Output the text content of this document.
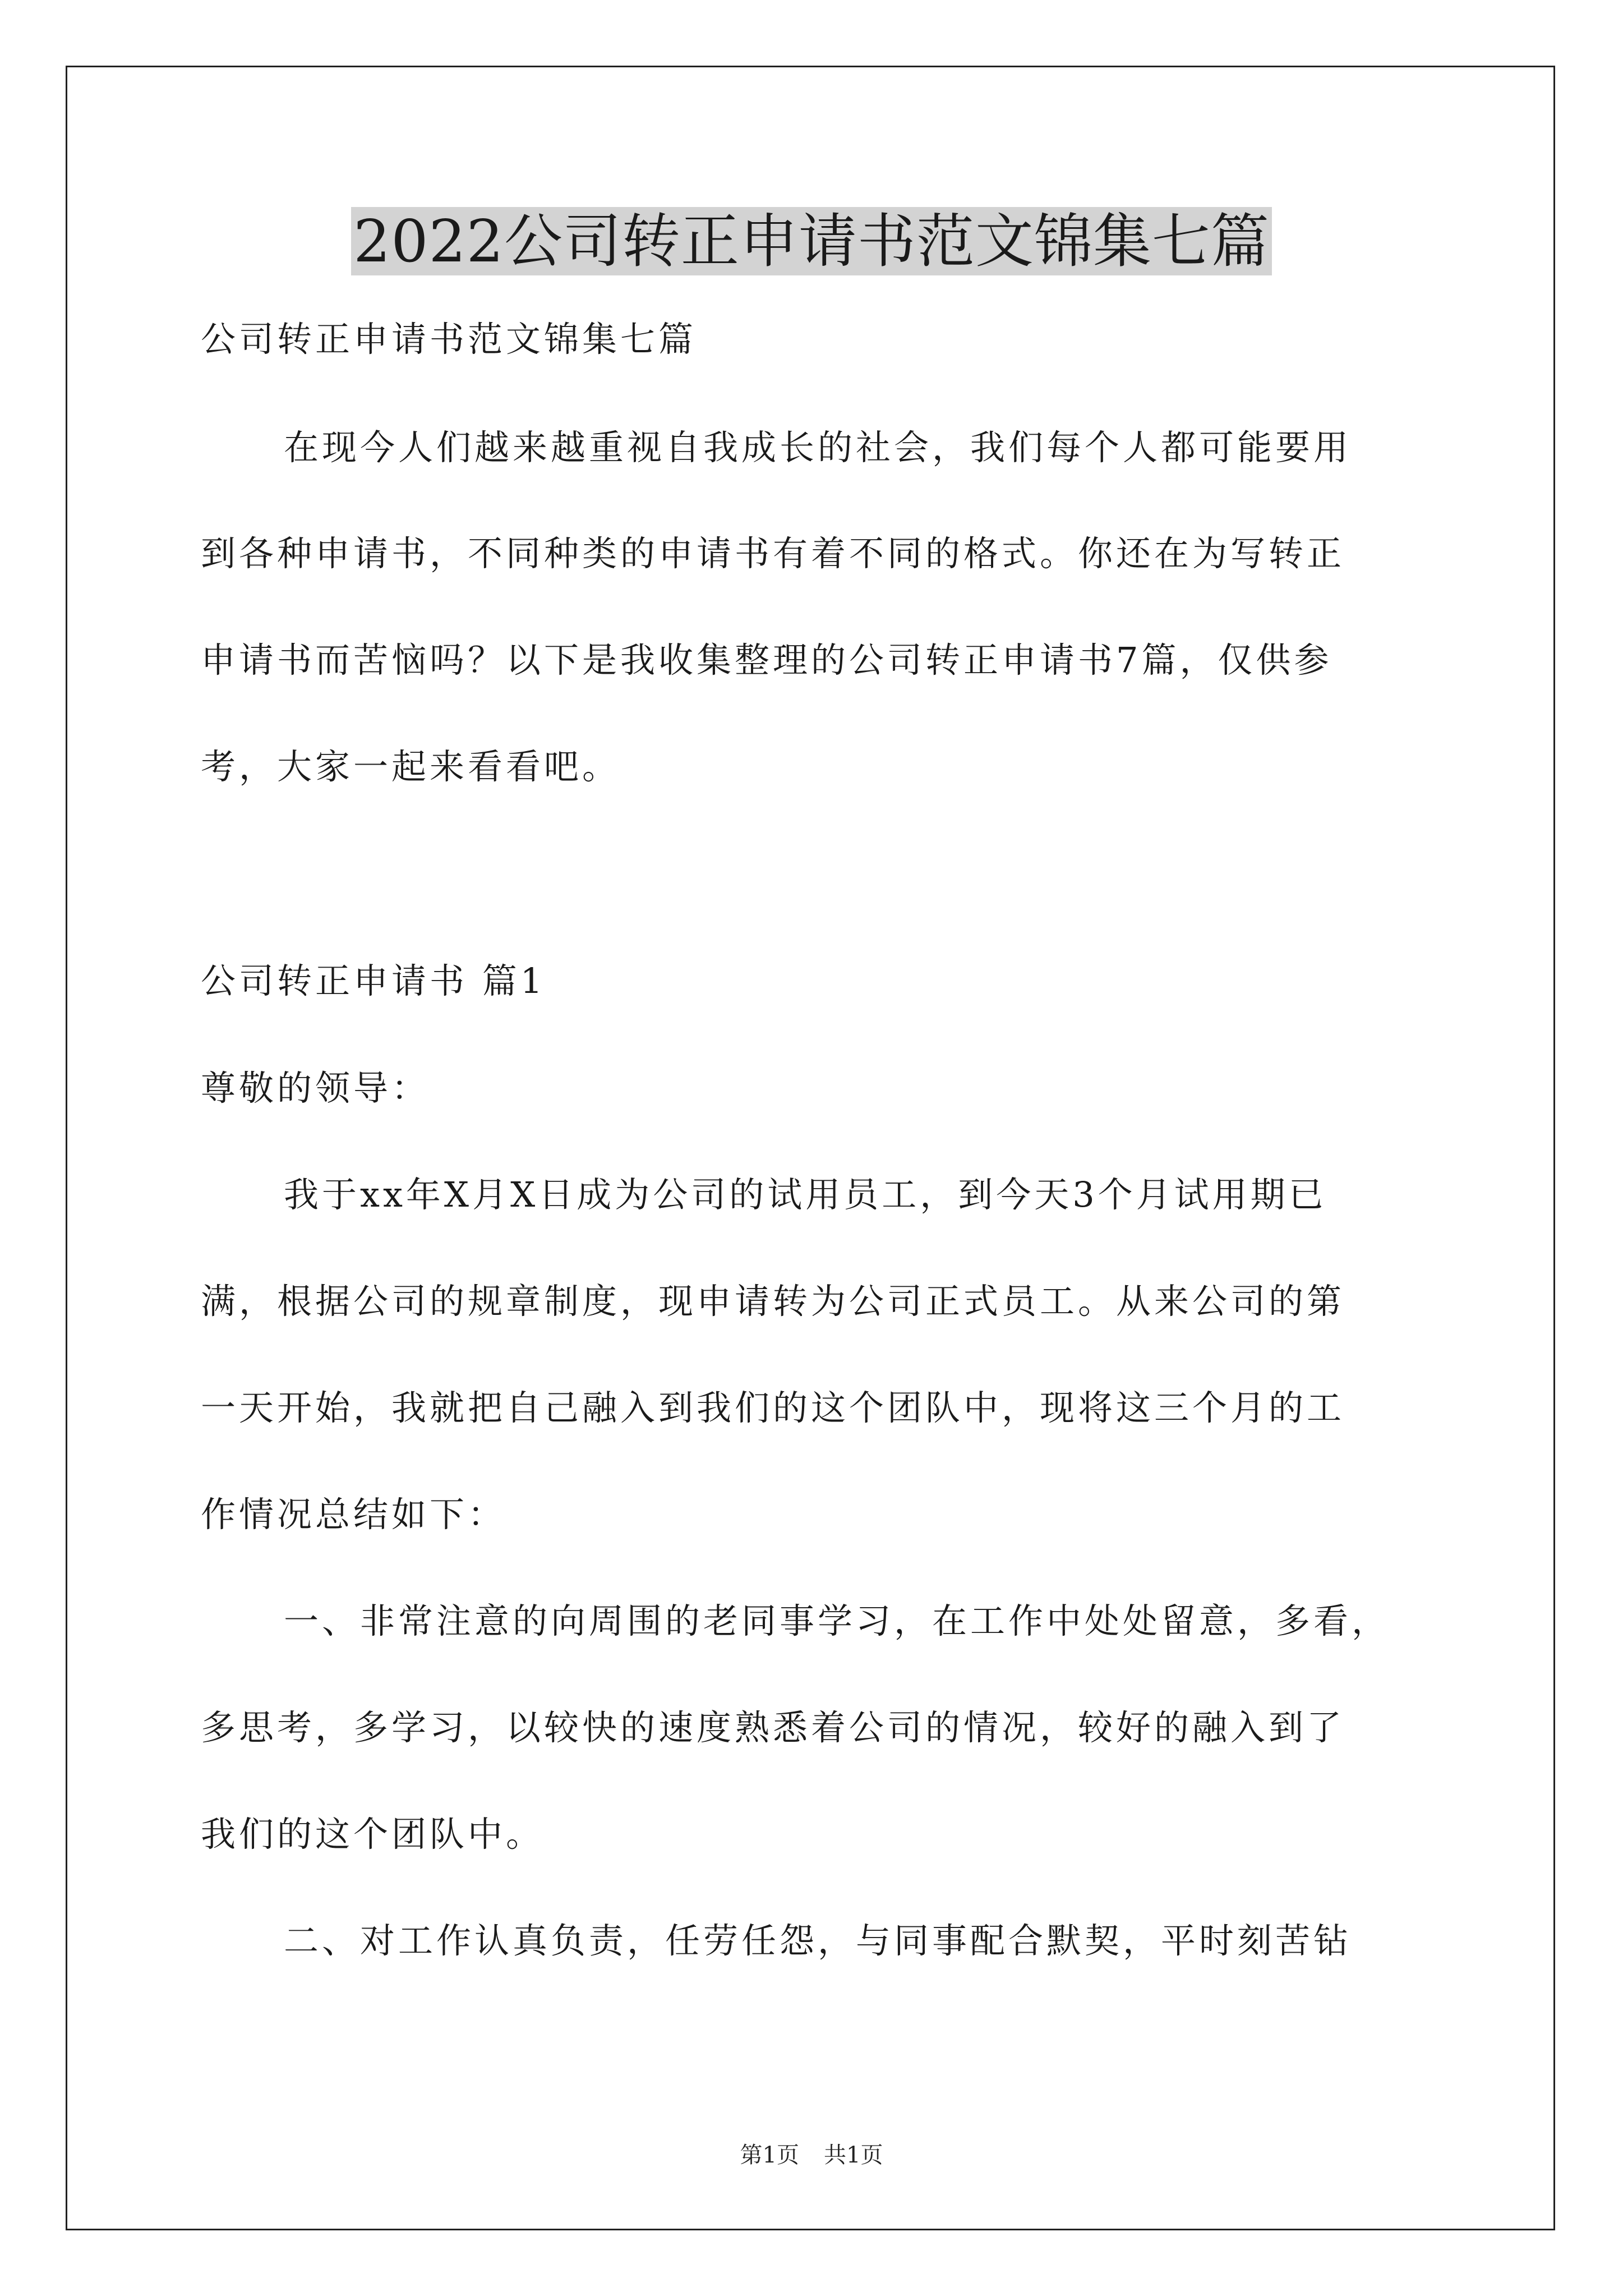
2022公司转正申请书范文锦集七篇
公司转正申请书范文锦集七篇
在现今人们越来越重视自我成长的社会，我们每个人都可能要用
到各种申请书，不同种类的申请书有着不同的格式。你还在为写转正
申请书而苦恼吗？以下是我收集整理的公司转正申请书7篇，仅供参
考，大家一起来看看吧。
公司转正申请书 篇1
尊敬的领导：
我于xx年X月X日成为公司的试用员工，到今天3个月试用期已
满，根据公司的规章制度，现申请转为公司正式员工。从来公司的第
一天开始，我就把自己融入到我们的这个团队中，现将这三个月的工
作情况总结如下：
一、非常注意的向周围的老同事学习，在工作中处处留意，多看，
多思考，多学习，以较快的速度熟悉着公司的情况，较好的融入到了
我们的这个团队中。
二、对工作认真负责，任劳任怨，与同事配合默契，平时刻苦钻
第1页 共1页
